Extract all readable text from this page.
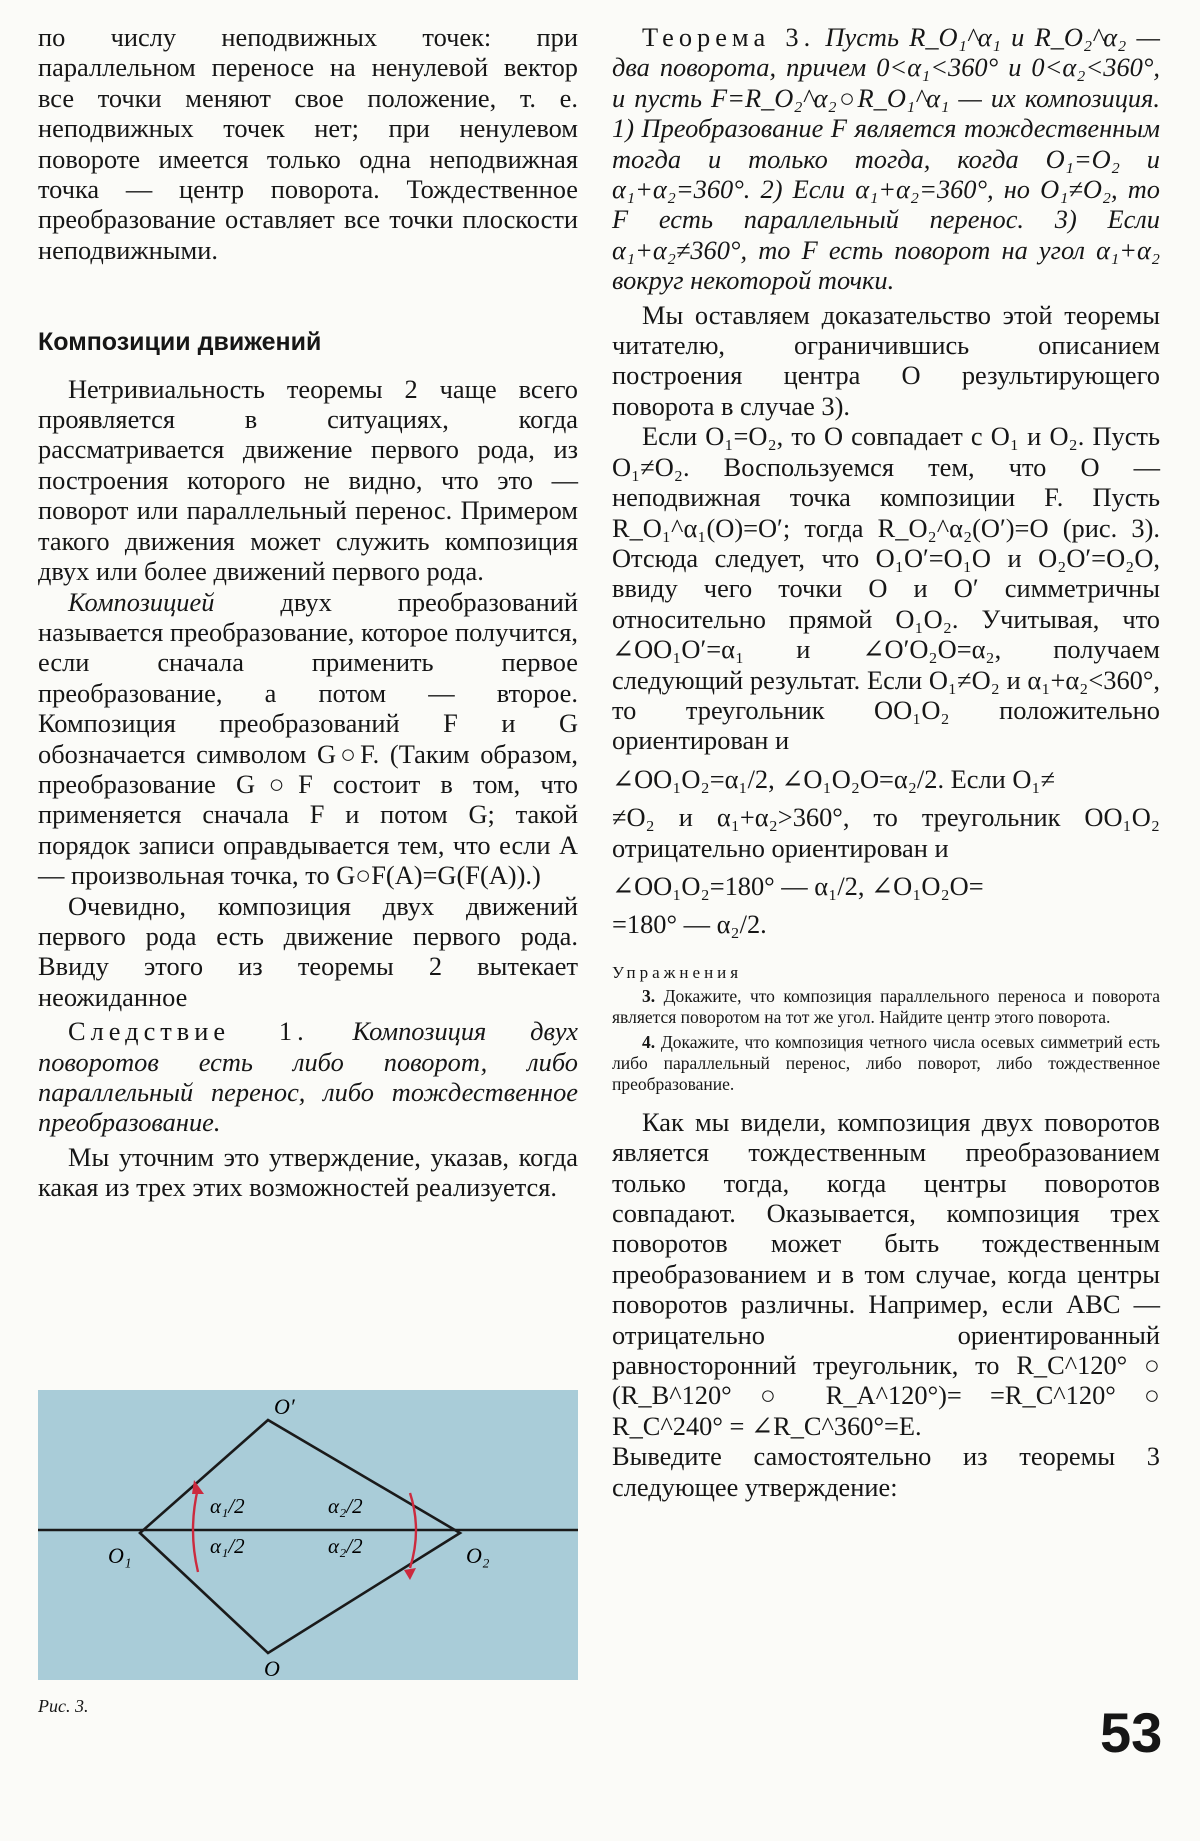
по числу неподвижных точек: при параллельном переносе на ненулевой вектор все точки меняют свое положение, т. е. неподвижных точек нет; при ненулевом повороте имеется только одна неподвижная точка — центр поворота. Тождественное преобразование оставляет все точки плоскости неподвижными.

Композиции движений

Нетривиальность теоремы 2 чаще всего проявляется в ситуациях, когда рассматривается движение первого рода, из построения которого не видно, что это — поворот или параллельный перенос. Примером такого движения может служить композиция двух или более движений первого рода.

Композицией двух преобразований называется преобразование, которое получится, если сначала применить первое преобразование, а потом — второе. Композиция преобразований F и G обозначается символом G○F. (Таким образом, преобразование G○F состоит в том, что применяется сначала F и потом G; такой порядок записи оправдывается тем, что если A — произвольная точка, то G○F(A)=G(F(A)).)

Очевидно, композиция двух движений первого рода есть движение первого рода. Ввиду этого из теоремы 2 вытекает неожиданное

Следствие 1. Композиция двух поворотов есть либо поворот, либо параллельный перенос, либо тождественное преобразование.

Мы уточним это утверждение, указав, когда какая из трех этих возможностей реализуется.

O₁	O₂
O′
O
α₁/2
α₁/2
α₂/2
α₂/2
Рис. 3.

Теорема 3. Пусть R_O₁^α₁ и R_O₂^α₂ — два поворота, причем 0<α₁<360° и 0<α₂<360°, и пусть F=R_O₂^α₂○R_O₁^α₁ — их композиция. 1) Преобразование F является тождественным тогда и только тогда, когда O₁=O₂ и α₁+α₂=360°. 2) Если α₁+α₂=360°, но O₁≠O₂, то F есть параллельный перенос. 3) Если α₁+α₂≠360°, то F есть поворот на угол α₁+α₂ вокруг некоторой точки.

Мы оставляем доказательство этой теоремы читателю, ограничившись описанием построения центра O результирующего поворота в случае 3).

Если O₁=O₂, то O совпадает с O₁ и O₂. Пусть O₁≠O₂. Воспользуемся тем, что O — неподвижная точка композиции F. Пусть R_O₁^α₁(O)=O′; тогда R_O₂^α₂(O′)=O (рис. 3). Отсюда следует, что O₁O′=O₁O и O₂O′=O₂O, ввиду чего точки O и O′ симметричны относительно прямой O₁O₂. Учитывая, что ∠OO₁O′=α₁ и ∠O′O₂O=α₂, получаем следующий результат. Если O₁≠O₂ и α₁+α₂<360°, то треугольник OO₁O₂ положительно ориентирован и

∠OO₁O₂=α₁/2, ∠O₁O₂O=α₂/2. Если O₁≠

≠O₂ и α₁+α₂>360°, то треугольник OO₁O₂ отрицательно ориентирован и

∠OO₁O₂=180° — α₁/2, ∠O₁O₂O=

=180° — α₂/2.

Упражнения

3. Докажите, что композиция параллельного переноса и поворота является поворотом на тот же угол. Найдите центр этого поворота.

4. Докажите, что композиция четного числа осевых симметрий есть либо параллельный перенос, либо поворот, либо тождественное преобразование.

Как мы видели, композиция двух поворотов является тождественным преобразованием только тогда, когда центры поворотов совпадают. Оказывается, композиция трех поворотов может быть тождественным преобразованием и в том случае, когда центры поворотов различны. Например, если ABC — отрицательно ориентированный равносторонний треугольник, то R_C^120° ○ (R_B^120° ○ R_A^120°)= =R_C^120° ○ R_C^240° = ∠R_C^360°=E.

Выведите самостоятельно из теоремы 3 следующее утверждение:

53
